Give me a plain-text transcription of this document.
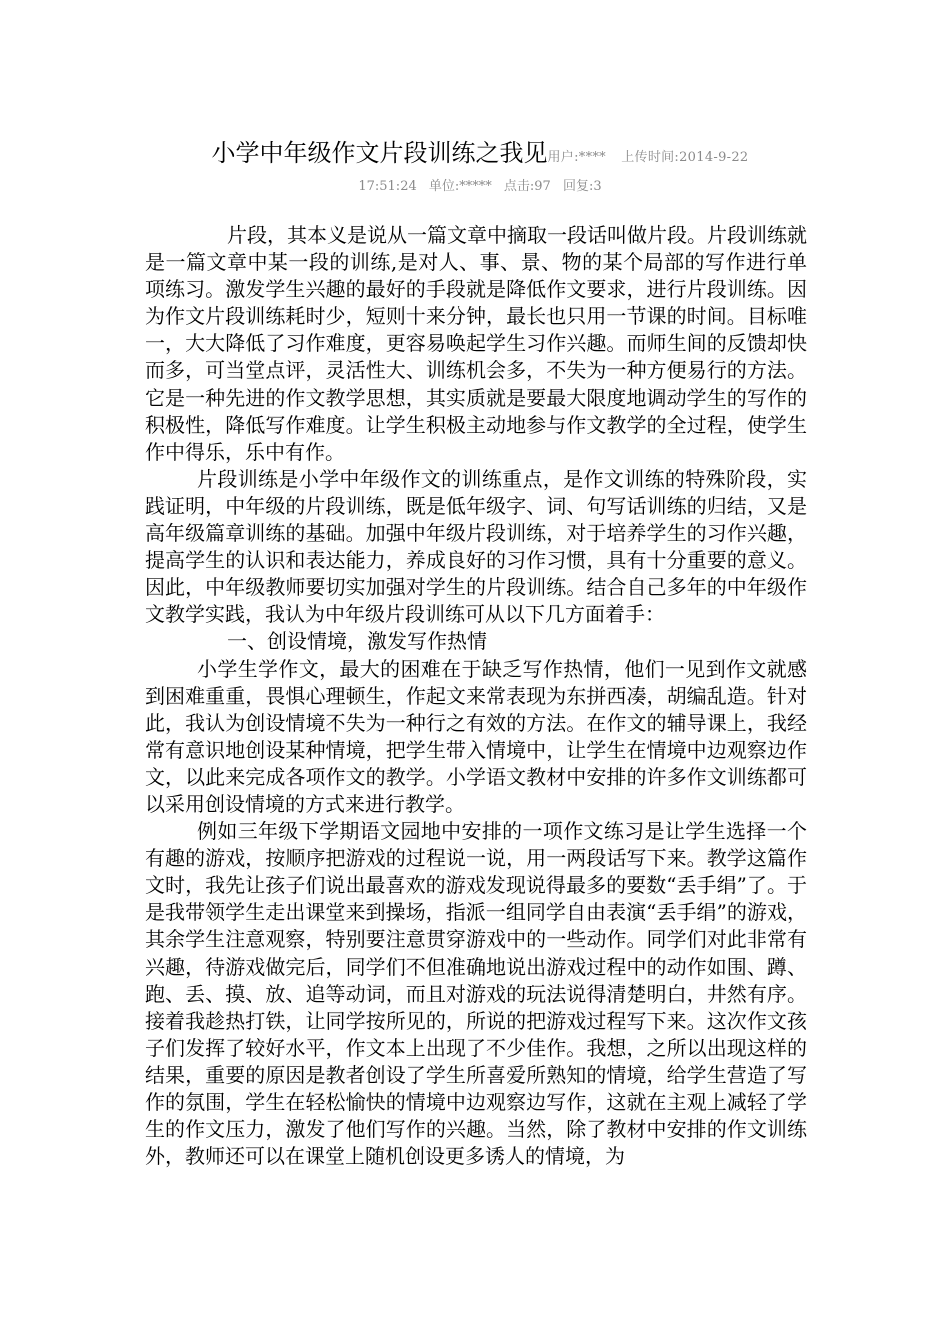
小学中年级作文片段训练之我见用户:**** 上传时间:2014-9-22
17:51:24 单位:***** 点击:97 回复:3

片段，其本义是说从一篇文章中摘取一段话叫做片段。片段训练就是一篇文章中某一段的训练,是对人、事、景、物的某个局部的写作进行单项练习。激发学生兴趣的最好的手段就是降低作文要求，进行片段训练。因为作文片段训练耗时少，短则十来分钟，最长也只用一节课的时间。目标唯一，大大降低了习作难度，更容易唤起学生习作兴趣。而师生间的反馈却快而多，可当堂点评，灵活性大、训练机会多，不失为一种方便易行的方法。它是一种先进的作文教学思想，其实质就是要最大限度地调动学生的写作的积极性，降低写作难度。让学生积极主动地参与作文教学的全过程，使学生作中得乐，乐中有作。

片段训练是小学中年级作文的训练重点，是作文训练的特殊阶段，实践证明，中年级的片段训练，既是低年级字、词、句写话训练的归结，又是高年级篇章训练的基础。加强中年级片段训练，对于培养学生的习作兴趣，提高学生的认识和表达能力，养成良好的习作习惯，具有十分重要的意义。因此，中年级教师要切实加强对学生的片段训练。结合自己多年的中年级作文教学实践，我认为中年级片段训练可从以下几方面着手：

一、创设情境，激发写作热情

小学生学作文，最大的困难在于缺乏写作热情，他们一见到作文就感到困难重重，畏惧心理顿生，作起文来常表现为东拼西凑，胡编乱造。针对此，我认为创设情境不失为一种行之有效的方法。在作文的辅导课上，我经常有意识地创设某种情境，把学生带入情境中，让学生在情境中边观察边作文，以此来完成各项作文的教学。小学语文教材中安排的许多作文训练都可以采用创设情境的方式来进行教学。

例如三年级下学期语文园地中安排的一项作文练习是让学生选择一个有趣的游戏，按顺序把游戏的过程说一说，用一两段话写下来。教学这篇作文时，我先让孩子们说出最喜欢的游戏发现说得最多的要数“丢手绢”了。于是我带领学生走出课堂来到操场，指派一组同学自由表演“丢手绢”的游戏，其余学生注意观察，特别要注意贯穿游戏中的一些动作。同学们对此非常有兴趣，待游戏做完后，同学们不但准确地说出游戏过程中的动作如围、蹲、跑、丢、摸、放、追等动词，而且对游戏的玩法说得清楚明白，井然有序。接着我趁热打铁，让同学按所见的，所说的把游戏过程写下来。这次作文孩子们发挥了较好水平，作文本上出现了不少佳作。我想，之所以出现这样的结果，重要的原因是教者创设了学生所喜爱所熟知的情境，给学生营造了写作的氛围，学生在轻松愉快的情境中边观察边写作，这就在主观上减轻了学生的作文压力，激发了他们写作的兴趣。当然，除了教材中安排的作文训练外，教师还可以在课堂上随机创设更多诱人的情境，为
